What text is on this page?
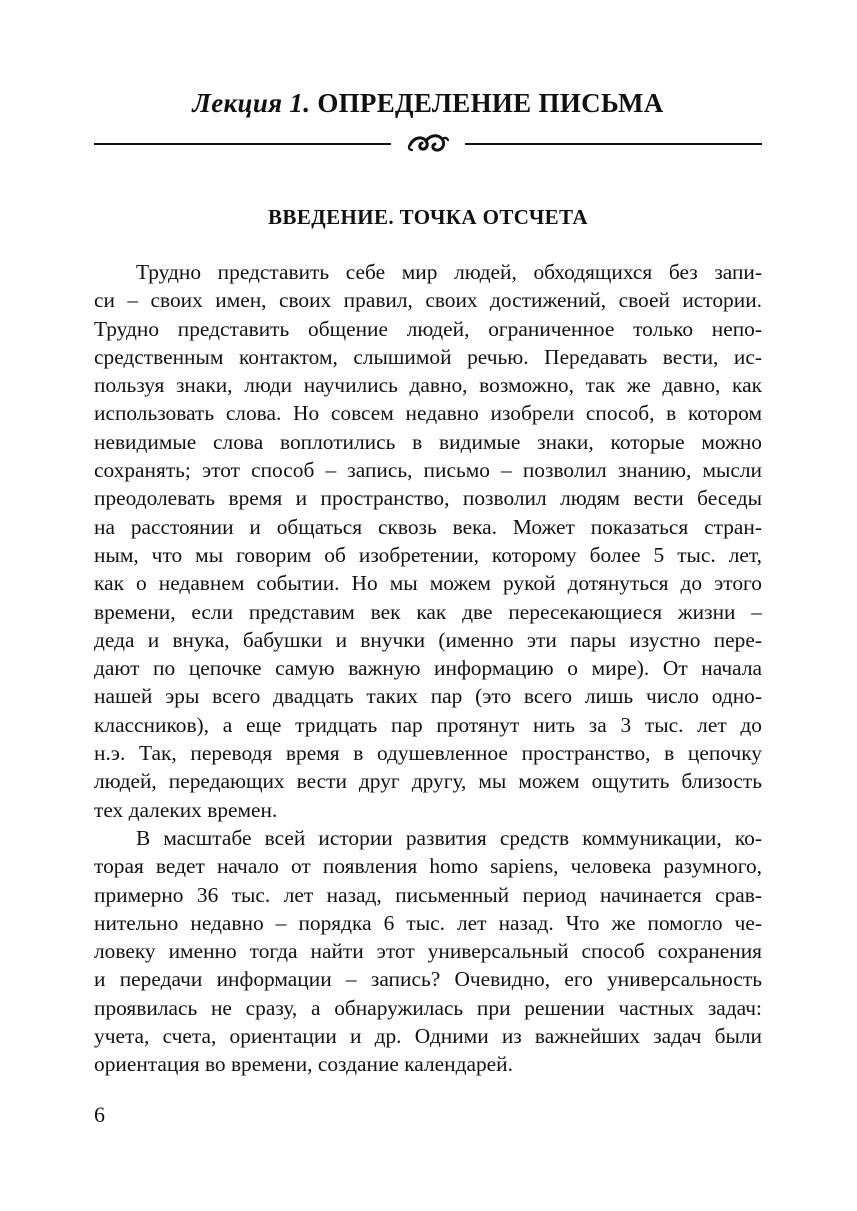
Лекция 1. ОПРЕДЕЛЕНИЕ ПИСЬМА
ВВЕДЕНИЕ. ТОЧКА ОТСЧЕТА

Трудно представить себе мир людей, обходящихся без запи-
си – своих имен, своих правил, своих достижений, своей истории.
Трудно представить общение людей, ограниченное только непо-
средственным контактом, слышимой речью. Передавать вести, ис-
пользуя знаки, люди научились давно, возможно, так же давно, как
использовать слова. Но совсем недавно изобрели способ, в котором
невидимые слова воплотились в видимые знаки, которые можно
сохранять; этот способ – запись, письмо – позволил знанию, мысли
преодолевать время и пространство, позволил людям вести беседы
на расстоянии и общаться сквозь века. Может показаться стран-
ным, что мы говорим об изобретении, которому более 5 тыс. лет,
как о недавнем событии. Но мы можем рукой дотянуться до этого
времени, если представим век как две пересекающиеся жизни –
деда и внука, бабушки и внучки (именно эти пары изустно пере-
дают по цепочке самую важную информацию о мире). От начала
нашей эры всего двадцать таких пар (это всего лишь число одно-
классников), а еще тридцать пар протянут нить за 3 тыс. лет до
н.э. Так, переводя время в одушевленное пространство, в цепочку
людей, передающих вести друг другу, мы можем ощутить близость
тех далеких времен.

В масштабе всей истории развития средств коммуникации, ко-
торая ведет начало от появления homo sapiens, человека разумного,
примерно 36 тыс. лет назад, письменный период начинается срав-
нительно недавно – порядка 6 тыс. лет назад. Что же помогло че-
ловеку именно тогда найти этот универсальный способ сохранения
и передачи информации – запись? Очевидно, его универсальность
проявилась не сразу, а обнаружилась при решении частных задач:
учета, счета, ориентации и др. Одними из важнейших задач были
ориентация во времени, создание календарей.

6
